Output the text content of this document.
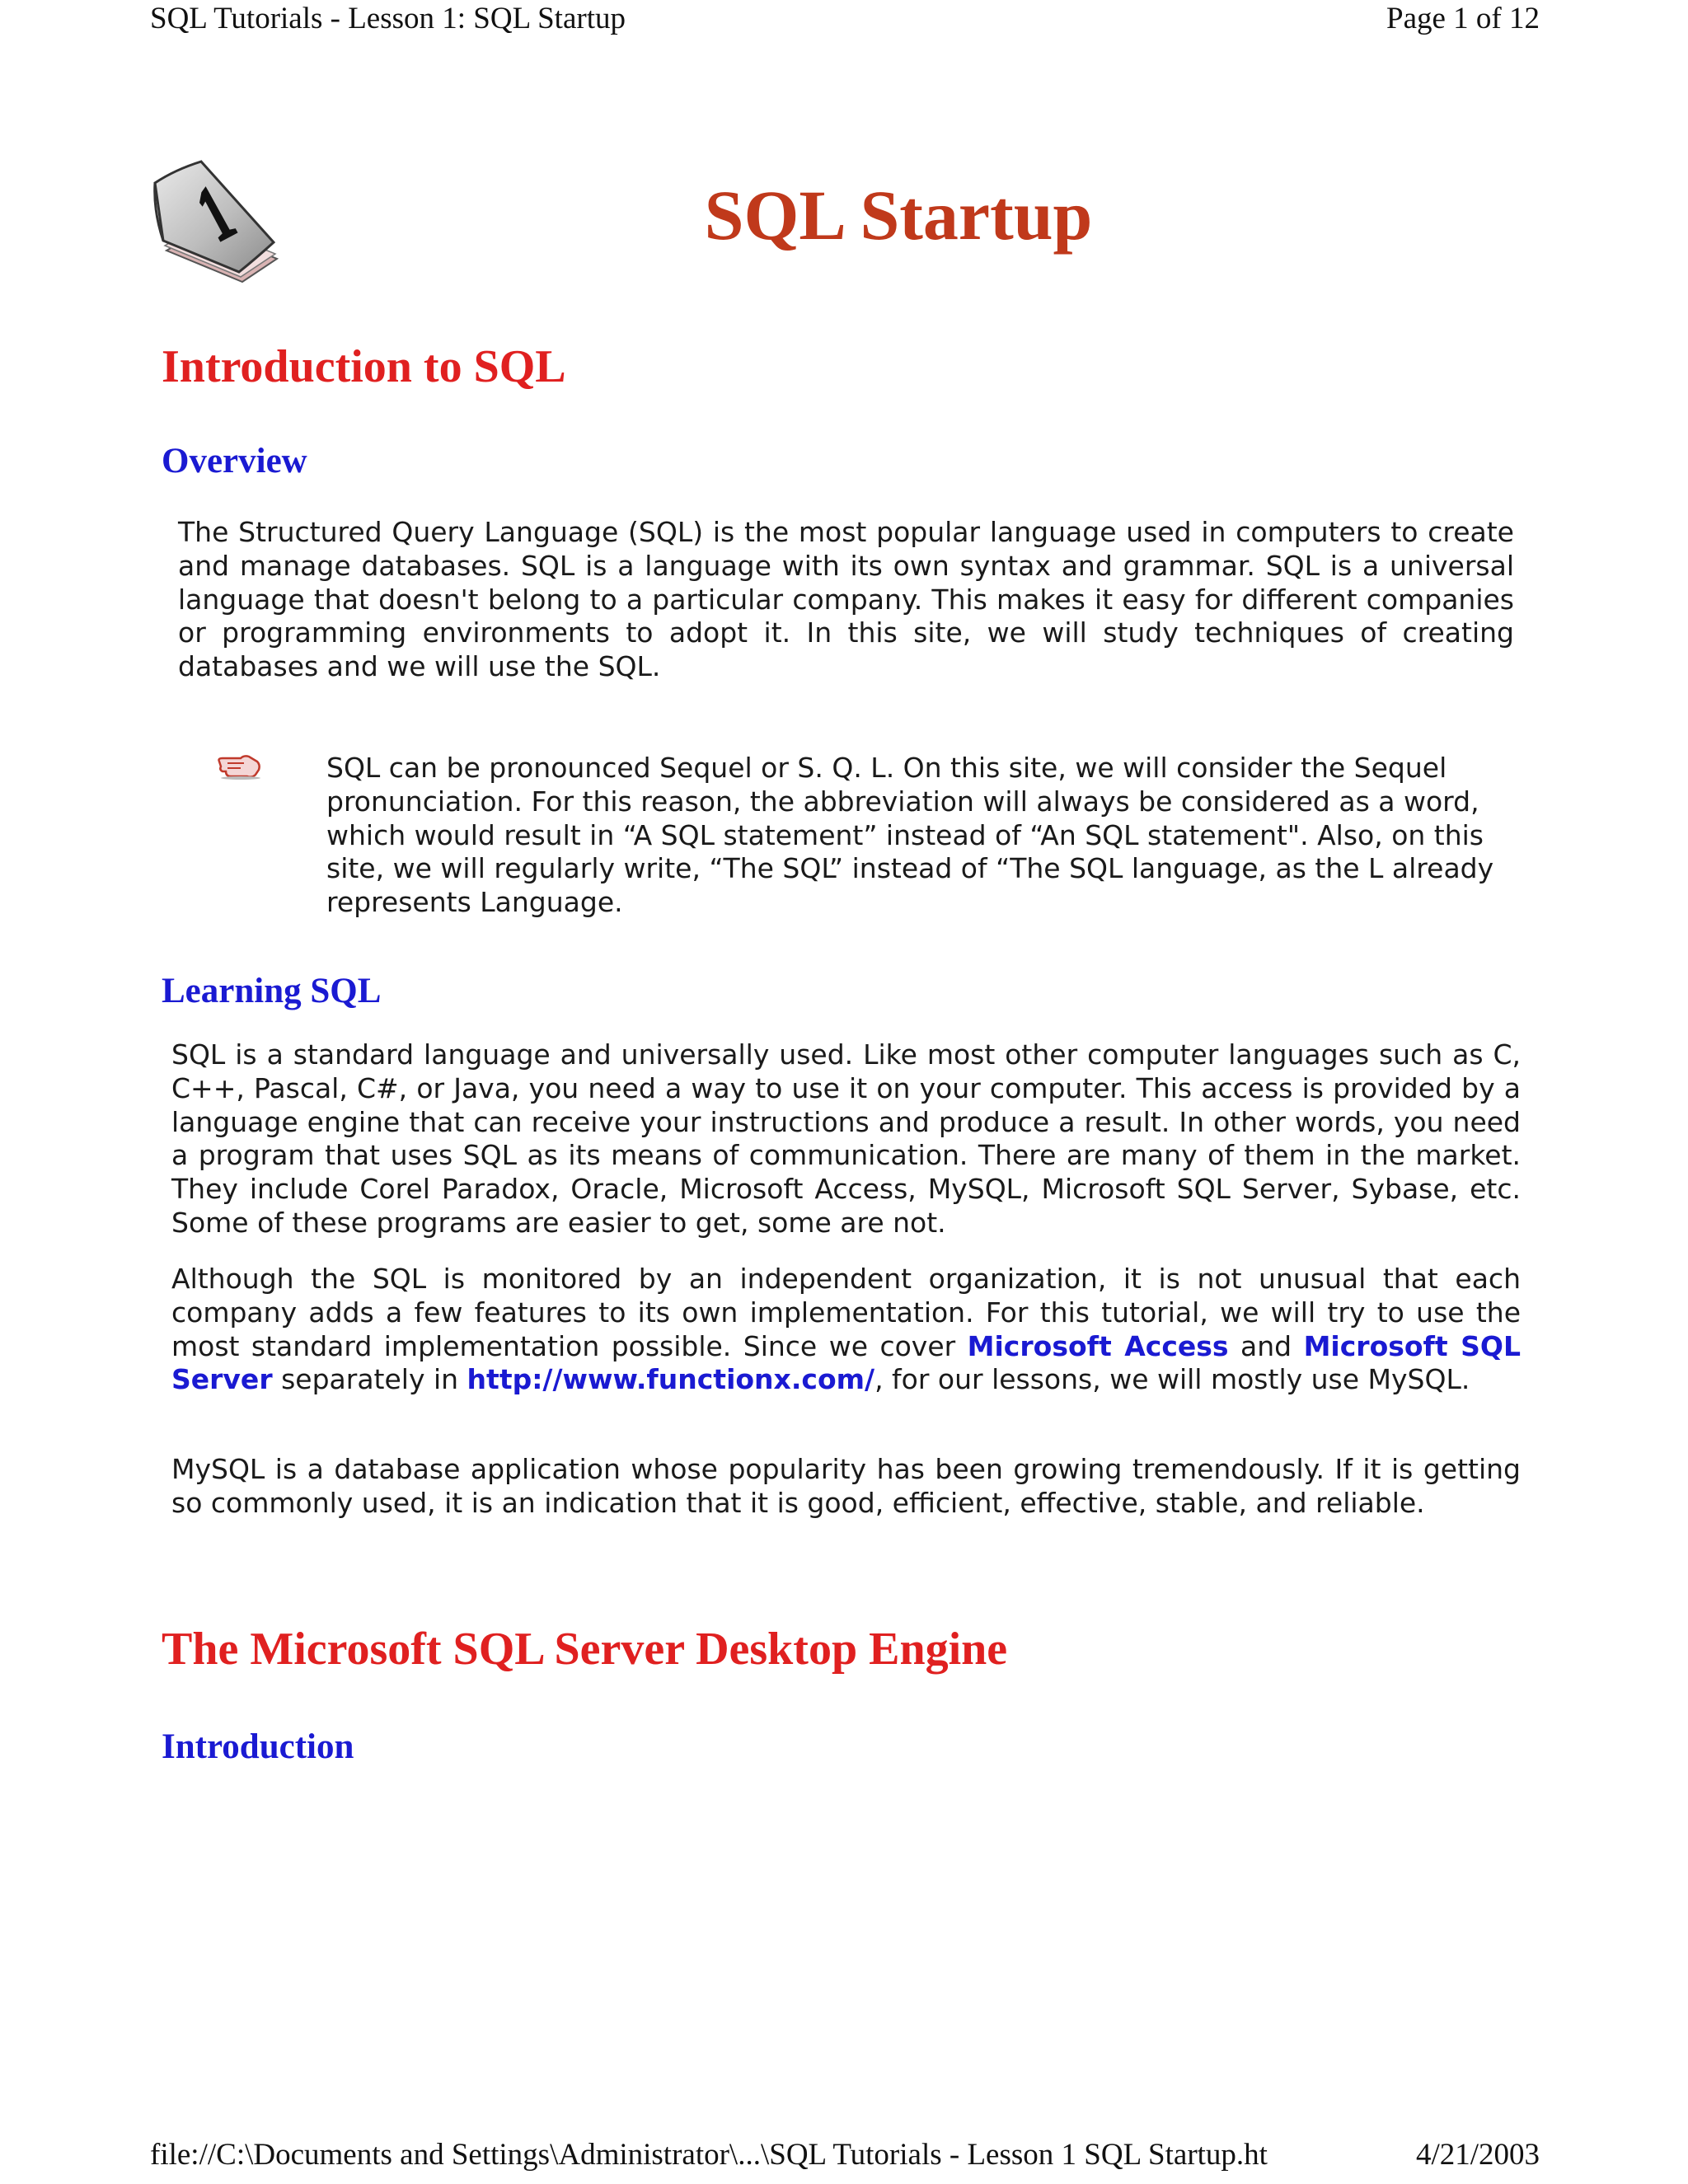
SQL Tutorials - Lesson 1: SQL Startup	Page 1 of 12
SQL Startup
Introduction to SQL
Overview

The Structured Query Language (SQL) is the most popular language used in computers to create and manage databases. SQL is a language with its own syntax and grammar. SQL is a universal language that doesn't belong to a particular company. This makes it easy for different companies or programming environments to adopt it. In this site, we will study techniques of creating databases and we will use the SQL.

SQL can be pronounced Sequel or S. Q. L. On this site, we will consider the Sequel pronunciation. For this reason, the abbreviation will always be considered as a word, which would result in “A SQL statement” instead of “An SQL statement". Also, on this site, we will regularly write, “The SQL” instead of “The SQL language, as the L already represents Language.

Learning SQL

SQL is a standard language and universally used. Like most other computer languages such as C, C++, Pascal, C#, or Java, you need a way to use it on your computer. This access is provided by a language engine that can receive your instructions and produce a result. In other words, you need a program that uses SQL as its means of communication. There are many of them in the market. They include Corel Paradox, Oracle, Microsoft Access, MySQL, Microsoft SQL Server, Sybase, etc. Some of these programs are easier to get, some are not.

Although the SQL is monitored by an independent organization, it is not unusual that each company adds a few features to its own implementation. For this tutorial, we will try to use the most standard implementation possible. Since we cover Microsoft Access and Microsoft SQL Server separately in http://www.functionx.com/, for our lessons, we will mostly use MySQL.

MySQL is a database application whose popularity has been growing tremendously. If it is getting so commonly used, it is an indication that it is good, efficient, effective, stable, and reliable.

The Microsoft SQL Server Desktop Engine
Introduction
file://C:\Documents and Settings\Administrator\...\SQL Tutorials - Lesson 1 SQL Startup.ht	4/21/2003
